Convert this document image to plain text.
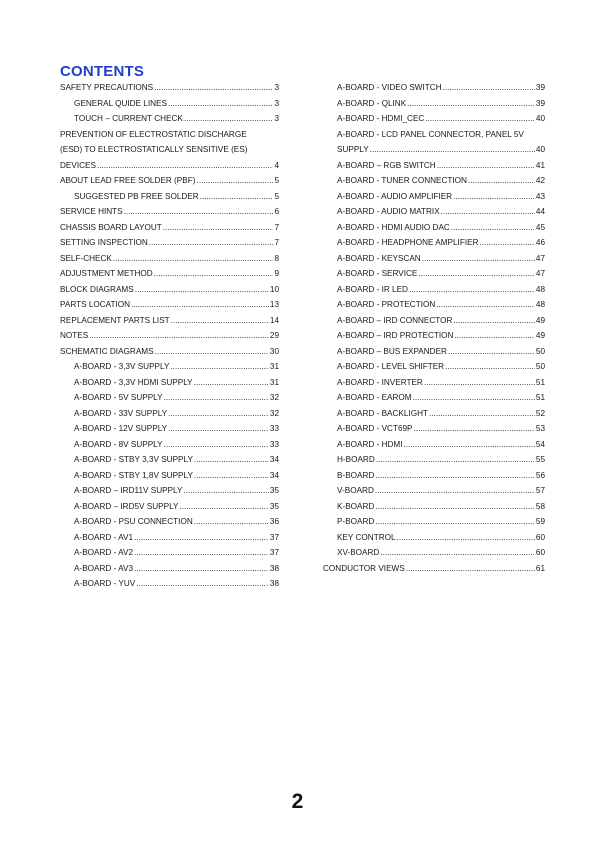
CONTENTS
SAFETY PRECAUTIONS .....	3
GENERAL QUIDE LINES .....	3
TOUCH – CURRENT CHECK .....	3
PREVENTION OF ELECTROSTATIC DISCHARGE
(ESD) TO ELECTROSTATICALLY SENSITIVE (ES)
DEVICES .....	4
ABOUT LEAD FREE SOLDER (PBF) .....	5
SUGGESTED PB FREE SOLDER .....	5
SERVICE HINTS .....	6
CHASSIS BOARD LAYOUT .....	7
SETTING INSPECTION .....	7
SELF-CHECK .....	8
ADJUSTMENT METHOD .....	9
BLOCK DIAGRAMS .....	10
PARTS LOCATION .....	13
REPLACEMENT PARTS LIST .....	14
NOTES .....	29
SCHEMATIC DIAGRAMS .....	30
A-BOARD - 3,3V SUPPLY .....	31
A-BOARD - 3,3V HDMI SUPPLY .....	31
A-BOARD - 5V SUPPLY .....	32
A-BOARD - 33V SUPPLY .....	32
A-BOARD - 12V SUPPLY .....	33
A-BOARD - 8V SUPPLY .....	33
A-BOARD - STBY 3,3V SUPPLY .....	34
A-BOARD - STBY 1,8V SUPPLY .....	34
A-BOARD – IRD11V SUPPLY .....	35
A-BOARD – IRD5V SUPPLY .....	35
A-BOARD - PSU CONNECTION .....	36
A-BOARD - AV1 .....	37
A-BOARD - AV2 .....	37
A-BOARD - AV3 .....	38
A-BOARD - YUV .....	38
A-BOARD - VIDEO SWITCH .....	39
A-BOARD - QLINK .....	39
A-BOARD - HDMI_CEC .....	40
A-BOARD - LCD PANEL CONNECTOR, PANEL 5V
SUPPLY .....	40
A-BOARD – RGB SWITCH .....	41
A-BOARD - TUNER CONNECTION .....	42
A-BOARD - AUDIO AMPLIFIER .....	43
A-BOARD - AUDIO MATRIX .....	44
A-BOARD - HDMI AUDIO DAC .....	45
A-BOARD - HEADPHONE AMPLIFIER .....	46
A-BOARD - KEYSCAN .....	47
A-BOARD - SERVICE .....	47
A-BOARD - IR LED .....	48
A-BOARD - PROTECTION .....	48
A-BOARD – IRD CONNECTOR .....	49
A-BOARD – IRD PROTECTION .....	49
A-BOARD – BUS EXPANDER .....	50
A-BOARD - LEVEL SHIFTER .....	50
A-BOARD - INVERTER .....	51
A-BOARD - EAROM .....	51
A-BOARD - BACKLIGHT .....	52
A-BOARD - VCT69P .....	53
A-BOARD - HDMI .....	54
H-BOARD .....	55
B-BOARD .....	56
V-BOARD .....	57
K-BOARD .....	58
P-BOARD .....	59
KEY CONTROL .....	60
XV-BOARD .....	60
CONDUCTOR VIEWS .....	61
2
